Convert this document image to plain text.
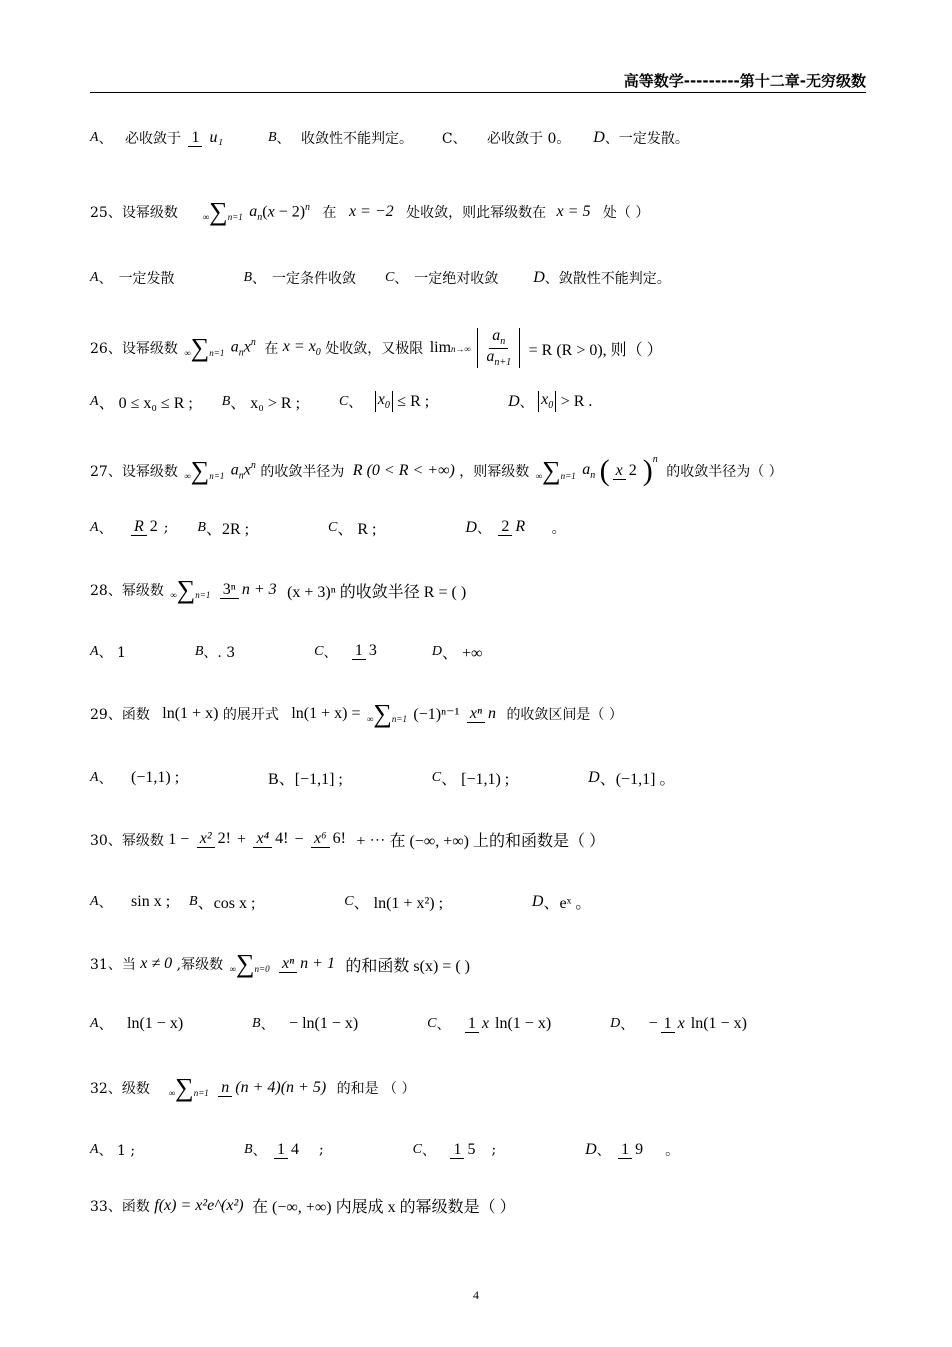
高等数学---------第十二章-无穷级数
A、 必收敛于 1 u₁	B、 收敛性不能判定。 C、 必收敛于 0。 D、一定发散。
25、设幂级数	∞∑n=1 $a_n(x - 2)^n$ 在 x = −2 处收敛，则此幂级数在 x = 5 处（ ）
A、一定发散	B、一定条件收敛 C、一定绝对收敛 D、敛散性不能判定。
26、设幂级数 ∞∑n=1 $a_nx^n$ 在 $x = x_0$ 处收敛，又极限 $\lim n\to\infty \frac{a_n}{a_{n+1}} = R$ (R > 0), 则（ ）
A、 0 ≤ x₀ ≤ R ; B、 x₀ > R ;	C、 $x_0 \le R$ ;	D、 $x_0 > R$ .
27、设幂级数 ∞∑n=1 $a_nx^n$ 的收敛半径为 R (0 < R < +∞) ，则幂级数 ∞∑n=1 $a_n$ ( x 2 )$^n$ 的收敛半径为（ ）
A、 R 2; B、2R ;	C、 R ;	D、 2 R 。
28、幂级数 ∞∑n=1 3ⁿ n + 3 (x + 3)ⁿ 的收敛半径 R = ( )
A、 1	B、. 3	C、 1 3	D、 +∞
29、函数 ln(1 + x) 的展开式 ln(1 + x) = ∞∑n=1 (−1)ⁿ⁻¹ xⁿ n 的收敛区间是（ ）
A、 (−1,1) ;	B、[−1,1] ;	C、 [−1,1) ;	D、(−1,1] 。
30、幂级数 1 − x² 2! + x⁴ 4! − x⁶ 6! + ⋯ 在 (−∞, +∞) 上的和函数是（ ）
A、 sin x ; B、cos x ;	C、 ln(1 + x²) ;	D、eˣ 。
31、当 x ≠ 0 ,幂级数 ∞∑n=0 xⁿ n + 1 的和函数 s(x) = ( )
A、 ln(1 − x)	B、 − ln(1 − x)	C、 1 x ln(1 − x)	D、 − 1 x ln(1 − x)
32、级数 ∞∑n=1 n (n + 4)(n + 5) 的和是 （ ）
A、 1 ;	B、 1 4 ;	C、 1 5 ;	D、 1 9 。
33、函数 f(x) = x²e^(x²) 在 (−∞, +∞) 内展成 x 的幂级数是（ ）
4
